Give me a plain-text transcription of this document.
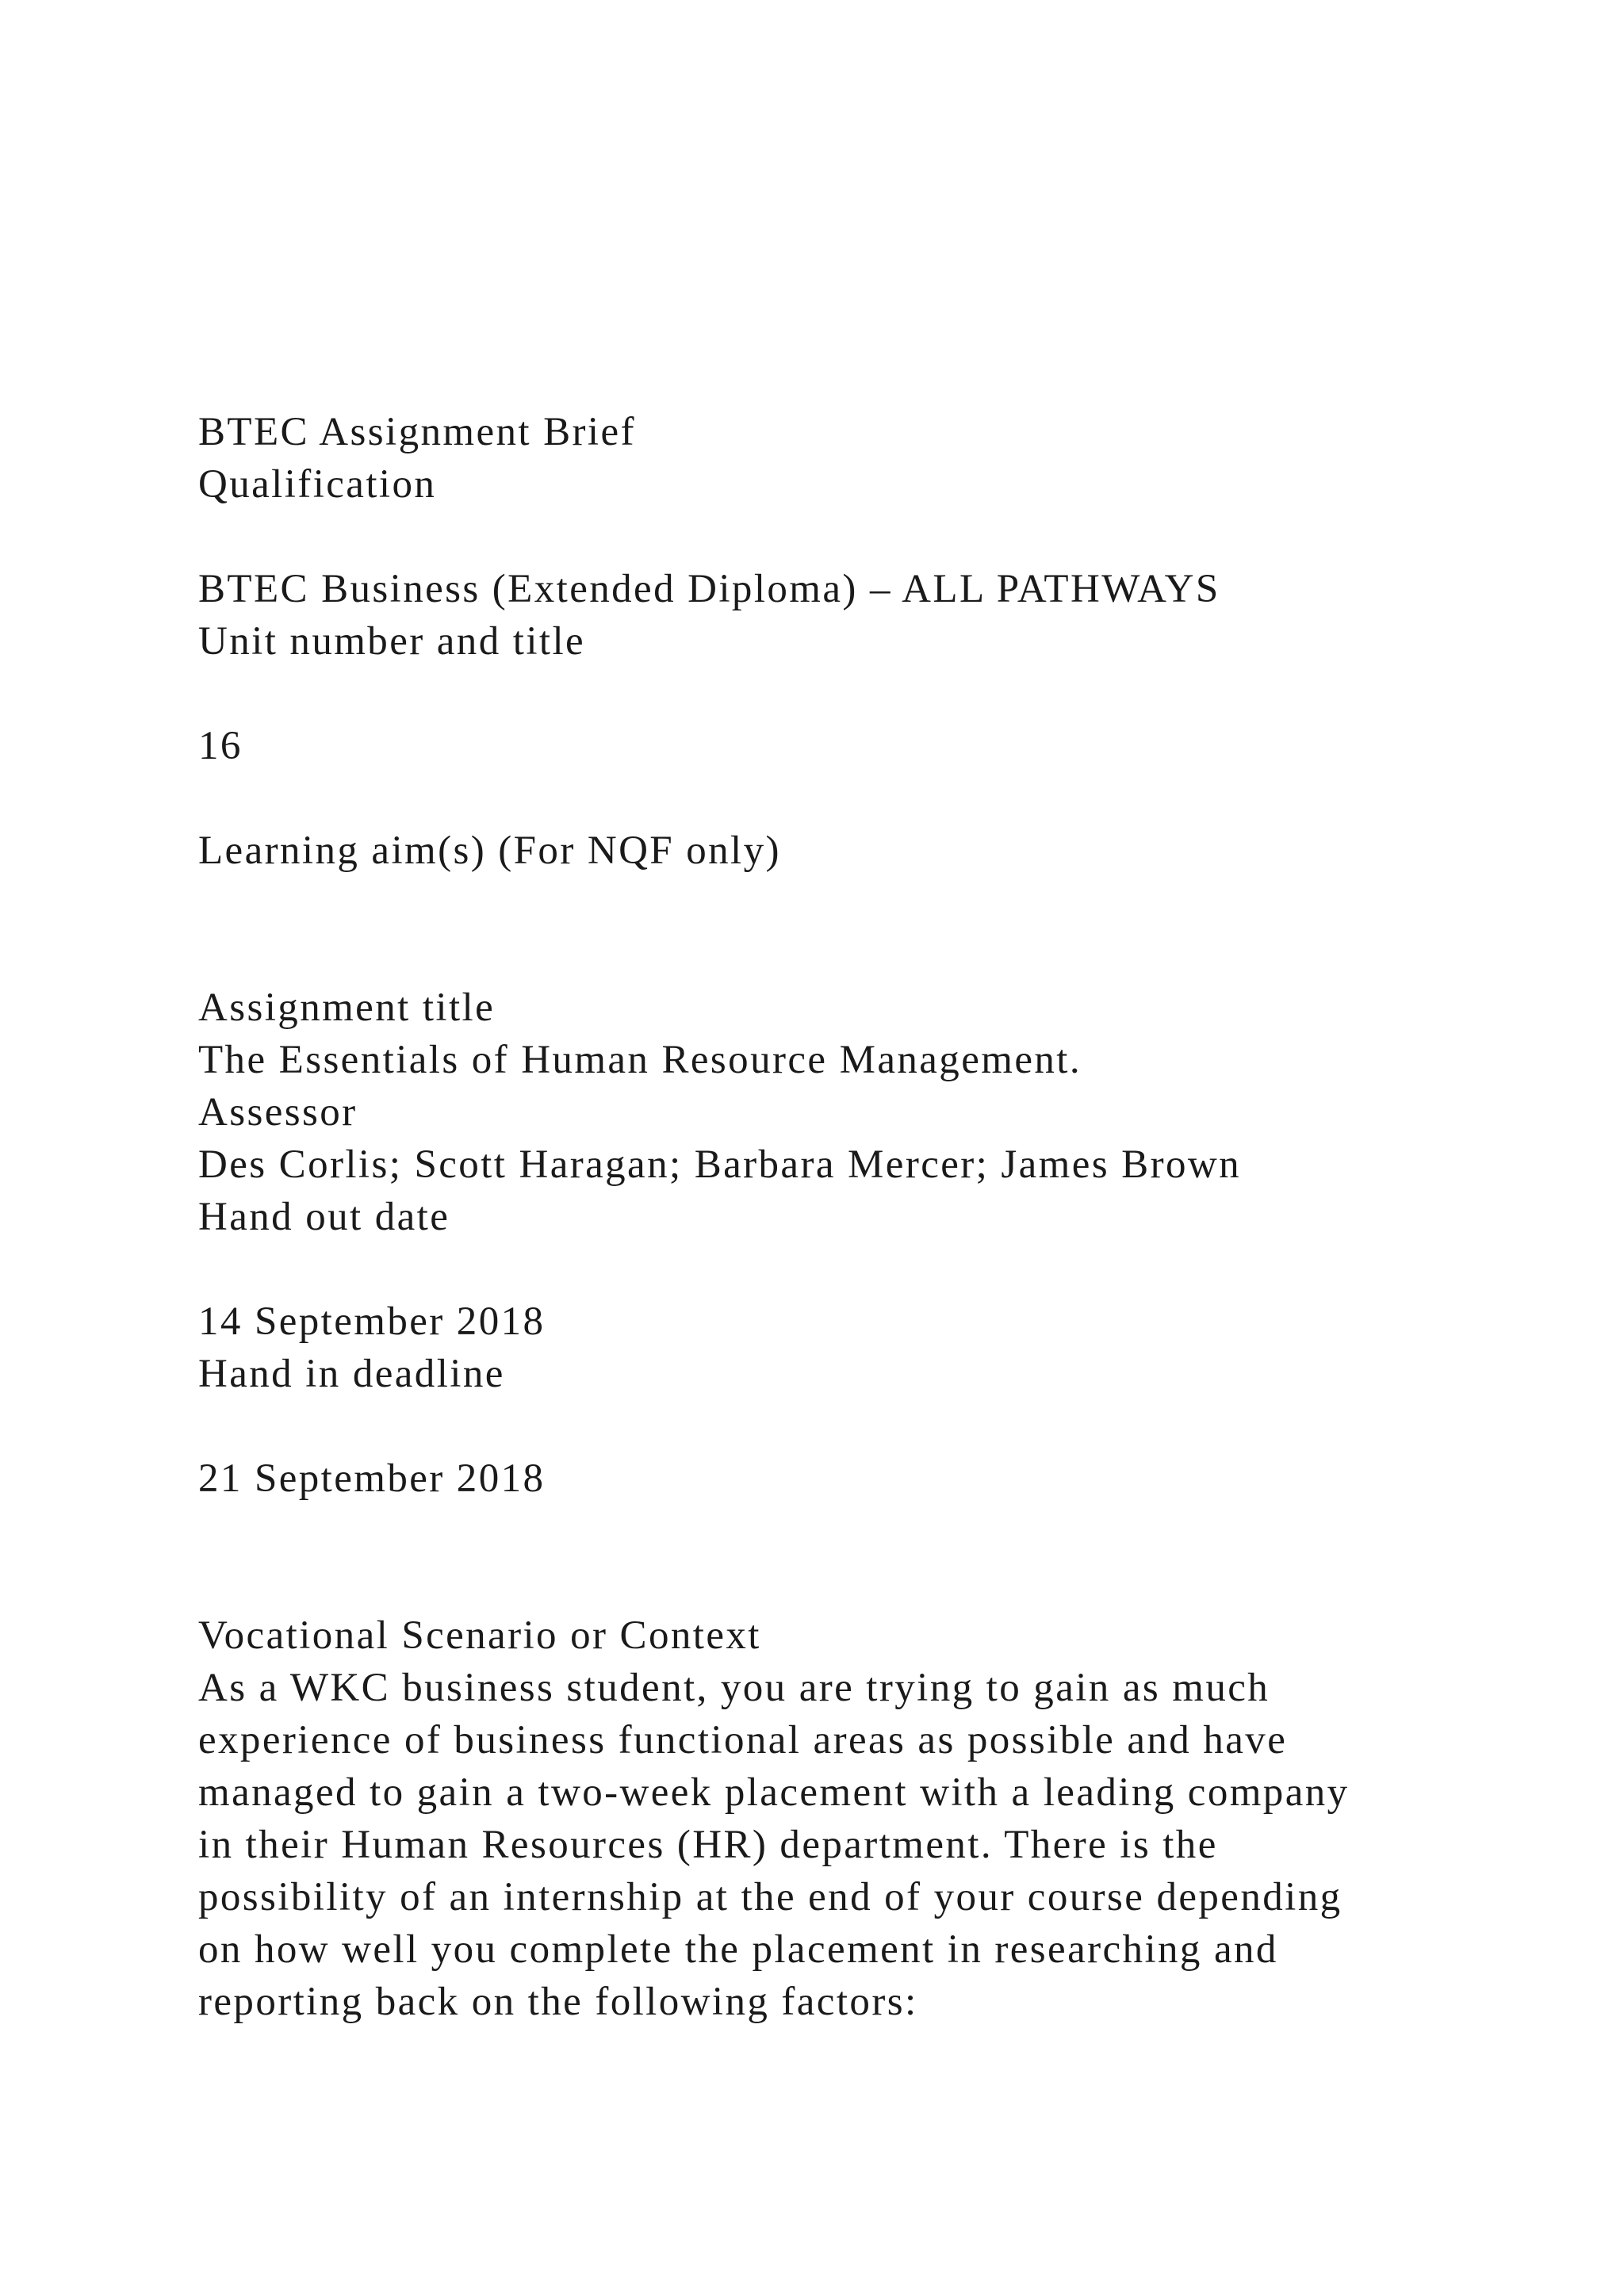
BTEC Assignment Brief
Qualification
BTEC Business (Extended Diploma) – ALL PATHWAYS
Unit number and title
16
Learning aim(s) (For NQF only)
Assignment title
The Essentials of Human Resource Management.
Assessor
Des Corlis; Scott Haragan; Barbara Mercer; James Brown
Hand out date
14 September 2018
Hand in deadline
21 September 2018
Vocational Scenario or Context
As a WKC business student, you are trying to gain as much
experience of business functional areas as possible and have
managed to gain a two-week placement with a leading company
in their Human Resources (HR) department. There is the
possibility of an internship at the end of your course depending
on how well you complete the placement in researching and
reporting back on the following factors:
